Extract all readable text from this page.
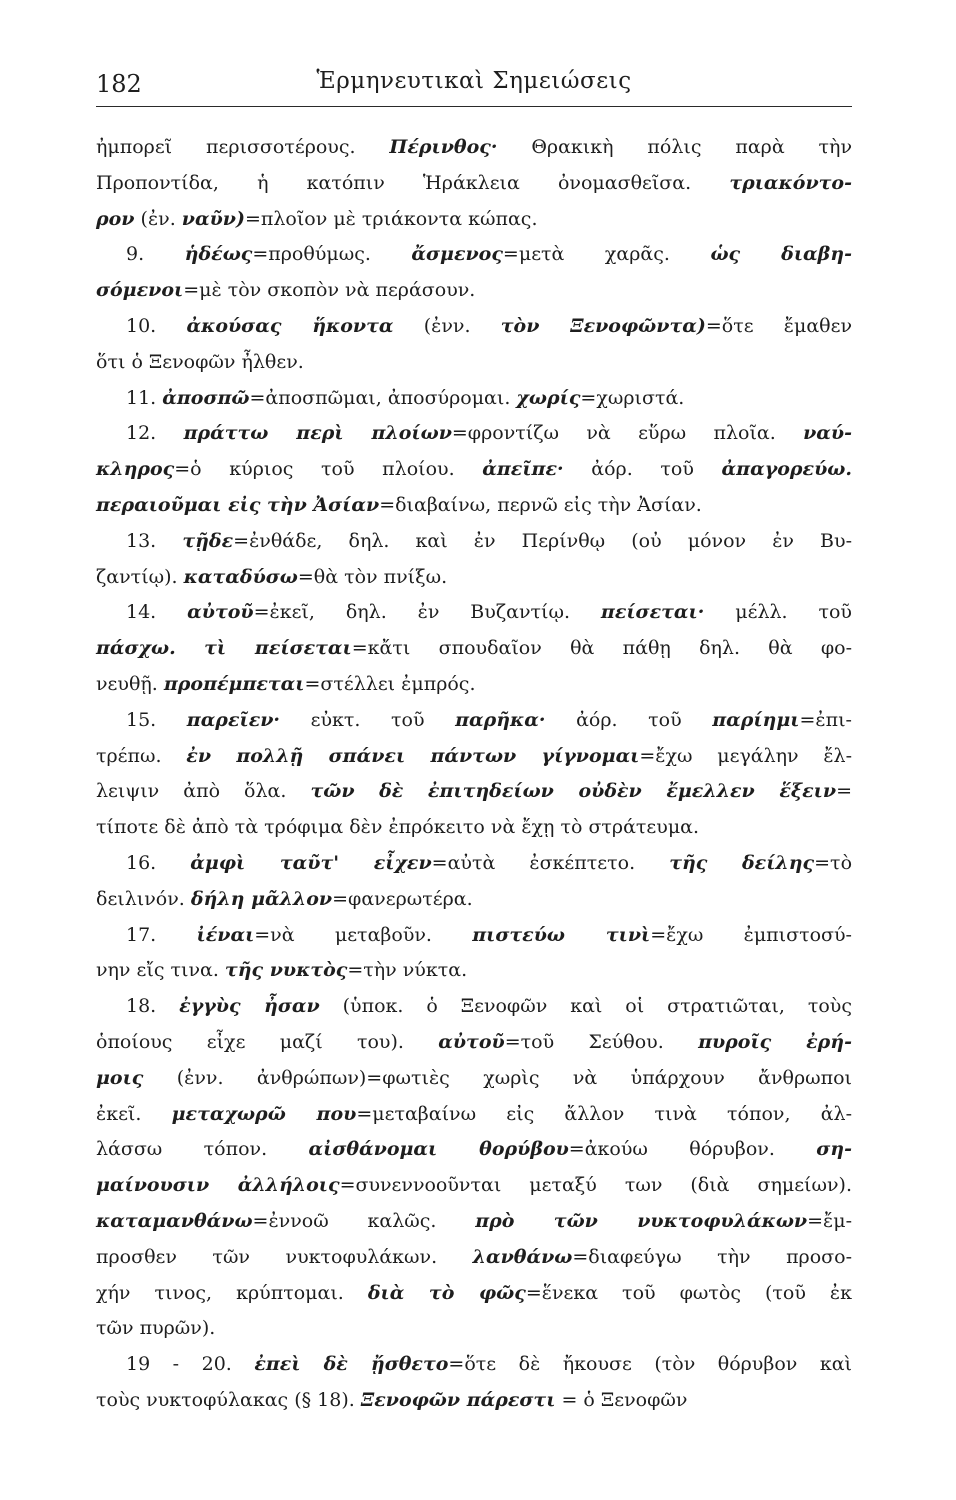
182	Ἑρμηνευτικαὶ Σημειώσεις
ἠμπορεῖ περισσοτέρους. Πέρινθος· Θρακικὴ πόλις παρὰ τὴν
Προποντίδα, ἡ κατόπιν Ἡράκλεια ὀνομασθεῖσα. τριακόντο-
ρον (ἐν. ναῦν)=πλοῖον μὲ τριάκοντα κώπας.
9. ἡδέως=προθύμως. ἄσμενος=μετὰ χαρᾶς. ὡς διαβη-
σόμενοι=μὲ τὸν σκοπὸν νὰ περάσουν.
10. ἀκούσας ἥκοντα (ἐνν. τὸν Ξενοφῶντα)=ὅτε ἔμαθεν
ὅτι ὁ Ξενοφῶν ἦλθεν.
11. ἀποσπῶ=ἀποσπῶμαι, ἀποσύρομαι. χωρίς=χωριστά.
12. πράττω περὶ πλοίων=φροντίζω νὰ εὕρω πλοῖα. ναύ-
κληρος=ὁ κύριος τοῦ πλοίου. ἀπεῖπε· ἀόρ. τοῦ ἀπαγορεύω.
περαιοῦμαι εἰς τὴν Ἀσίαν=διαβαίνω, περνῶ εἰς τὴν Ἀσίαν.
13. τῇδε=ἐνθάδε, δηλ. καὶ ἐν Περίνθῳ (οὐ μόνον ἐν Βυ-
ζαντίῳ). καταδύσω=θὰ τὸν πνίξω.
14. αὐτοῦ=ἐκεῖ, δηλ. ἐν Βυζαντίῳ. πείσεται· μέλλ. τοῦ
πάσχω. τὶ πείσεται=κἄτι σπουδαῖον θὰ πάθῃ δηλ. θὰ φο-
νευθῇ. προπέμπεται=στέλλει ἐμπρός.
15. παρεῖεν· εὐκτ. τοῦ παρῆκα· ἀόρ. τοῦ παρίημι=ἐπι-
τρέπω. ἐν πολλῇ σπάνει πάντων γίγνομαι=ἔχω μεγάλην ἔλ-
λειψιν ἀπὸ ὅλα. τῶν δὲ ἐπιτηδείων οὐδὲν ἔμελλεν ἕξειν=
τίποτε δὲ ἀπὸ τὰ τρόφιμα δὲν ἐπρόκειτο νὰ ἔχῃ τὸ στράτευμα.
16. ἀμφὶ ταῦτ' εἶχεν=αὐτὰ ἐσκέπτετο. τῆς δείλης=τὸ
δειλινόν. δήλη μᾶλλον=φανερωτέρα.
17. ἰέναι=νὰ μεταβοῦν. πιστεύω τινὶ=ἔχω ἐμπιστοσύ-
νην εἴς τινα. τῆς νυκτὸς=τὴν νύκτα.
18. ἐγγὺς ἦσαν (ὑποκ. ὁ Ξενοφῶν καὶ οἱ στρατιῶται, τοὺς
ὁποίους εἶχε μαζί του). αὐτοῦ=τοῦ Σεύθου. πυροῖς ἐρή-
μοις (ἐνν. ἀνθρώπων)=φωτιὲς χωρὶς νὰ ὑπάρχουν ἄνθρωποι
ἐκεῖ. μεταχωρῶ που=μεταβαίνω εἰς ἄλλον τινὰ τόπον, ἀλ-
λάσσω τόπον. αἰσθάνομαι θορύβου=ἀκούω θόρυβον. ση-
μαίνουσιν ἀλλήλοις=συνεννοοῦνται μεταξύ των (διὰ σημείων).
καταμανθάνω=ἐννοῶ καλῶς. πρὸ τῶν νυκτοφυλάκων=ἔμ-
προσθεν τῶν νυκτοφυλάκων. λανθάνω=διαφεύγω τὴν προσο-
χήν τινος, κρύπτομαι. διὰ τὸ φῶς=ἕνεκα τοῦ φωτὸς (τοῦ ἐκ
τῶν πυρῶν).
19 - 20. ἐπεὶ δὲ ᾔσθετο=ὅτε δὲ ἤκουσε (τὸν θόρυβον καὶ
τοὺς νυκτοφύλακας (§ 18). Ξενοφῶν πάρεστι = ὁ Ξενοφῶν
